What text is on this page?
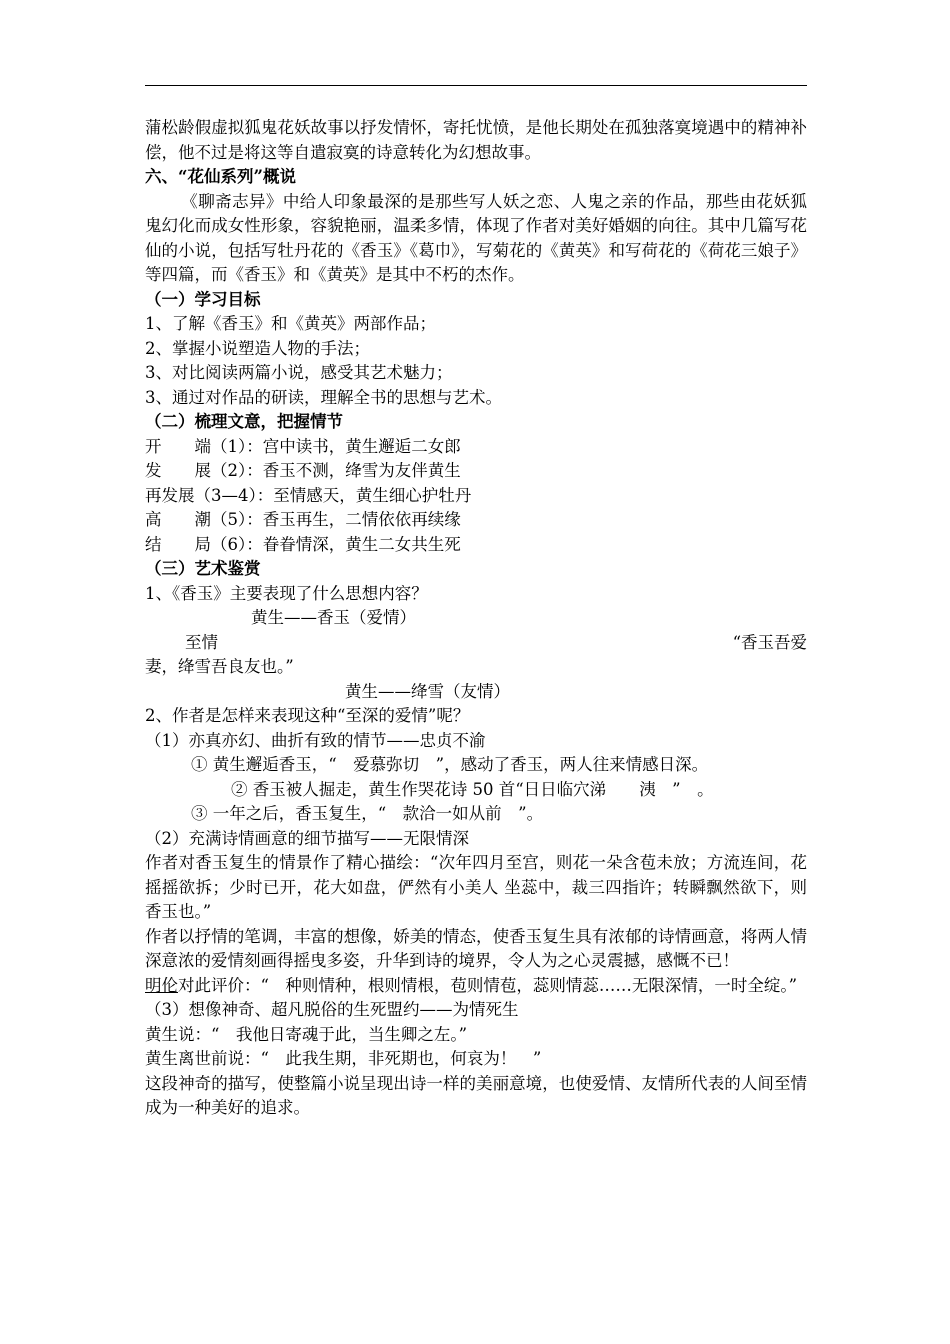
蒲松龄假虚拟狐鬼花妖故事以抒发情怀，寄托忧愤，是他长期处在孤独落寞境遇中的精神补偿，他不过是将这等自遣寂寞的诗意转化为幻想故事。

六、“花仙系列”概说

《聊斋志异》中给人印象最深的是那些写人妖之恋、人鬼之亲的作品，那些由花妖狐鬼幻化而成女性形象，容貌艳丽，温柔多情，体现了作者对美好婚姻的向往。其中几篇写花仙的小说，包括写牡丹花的《香玉》《葛巾》，写菊花的《黄英》和写荷花的《荷花三娘子》等四篇，而《香玉》和《黄英》是其中不朽的杰作。

（一）学习目标

1、了解《香玉》和《黄英》两部作品；

2、掌握小说塑造人物的手法；

3、对比阅读两篇小说，感受其艺术魅力；

3、通过对作品的研读，理解全书的思想与艺术。

（二）梳理文意，把握情节

开　　端（1）：宫中读书，黄生邂逅二女郎

发　　展（2）：香玉不测，绛雪为友伴黄生

再发展（3—4）：至情感天，黄生细心护牡丹

高　　潮（5）：香玉再生，二情依依再续缘

结　　局（6）：眷眷情深，黄生二女共生死

（三）艺术鉴赏

1、《香玉》主要表现了什么思想内容？

黄生——香玉（爱情）

至情	“香玉吾爱

妻，绛雪吾良友也。”

黄生——绛雪（友情）

2、作者是怎样来表现这种“至深的爱情”呢？

（1）亦真亦幻、曲折有致的情节——忠贞不渝

① 黄生邂逅香玉，“　爱慕弥切　”，感动了香玉，两人往来情感日深。

② 香玉被人掘走，黄生作哭花诗 50 首“日日临穴涕　　洟　”　。

③ 一年之后，香玉复生，“　款洽一如从前　”。

（2）充满诗情画意的细节描写——无限情深

作者对香玉复生的情景作了精心描绘：“次年四月至宫，则花一朵含苞未放；方流连间，花摇摇欲拆；少时已开，花大如盘，俨然有小美人 坐蕊中，裁三四指许；转瞬飘然欲下，则香玉也。”

作者以抒情的笔调，丰富的想像，娇美的情态，使香玉复生具有浓郁的诗情画意，将两人情深意浓的爱情刻画得摇曳多姿，升华到诗的境界，令人为之心灵震撼，感慨不已！

明伦对此评价：“　种则情种，根则情根，苞则情苞，蕊则情蕊……无限深情，一时全绽。”

（3）想像神奇、超凡脱俗的生死盟约——为情死生

黄生说：“　我他日寄魂于此，当生卿之左。”

黄生离世前说：“　此我生期，非死期也，何哀为！　”

这段神奇的描写，使整篇小说呈现出诗一样的美丽意境，也使爱情、友情所代表的人间至情成为一种美好的追求。
